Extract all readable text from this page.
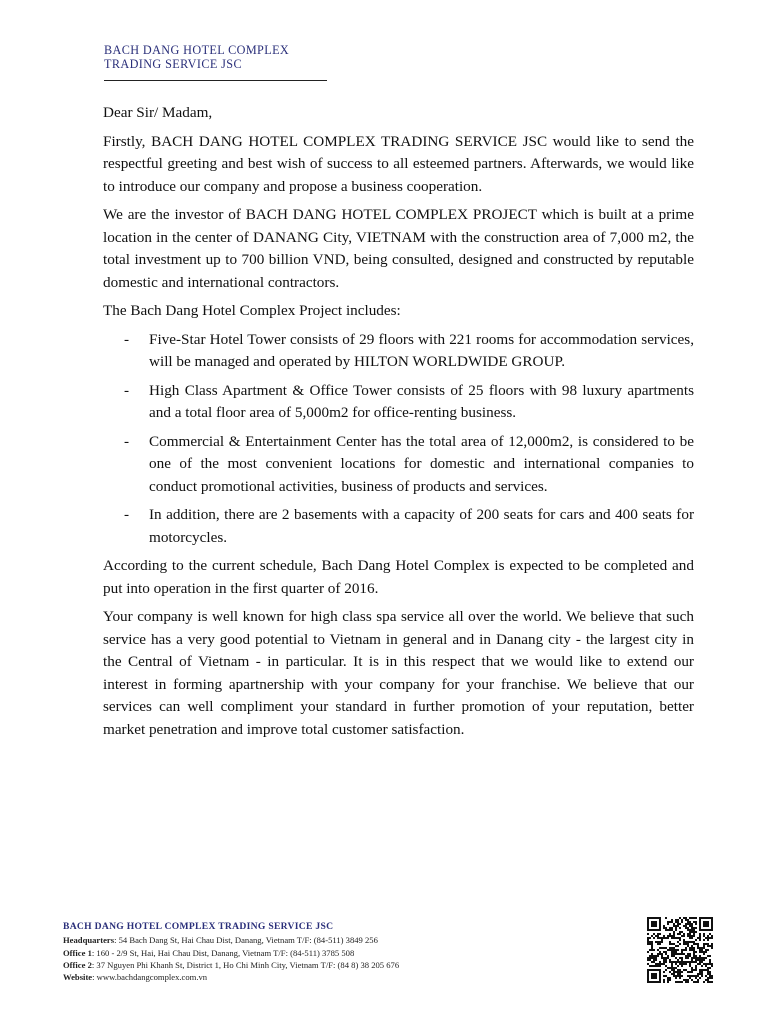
BACH DANG HOTEL COMPLEX
TRADING SERVICE JSC

Dear Sir/ Madam,

Firstly, BACH DANG HOTEL COMPLEX TRADING SERVICE JSC would like to send the respectful greeting and best wish of success to all esteemed partners. Afterwards, we would like to introduce our company and propose a business cooperation.

We are the investor of BACH DANG HOTEL COMPLEX PROJECT which is built at a prime location in the center of DANANG City, VIETNAM with the construction area of 7,000 m2, the total investment up to 700 billion VND, being consulted, designed and constructed by reputable domestic and international contractors.

The Bach Dang Hotel Complex Project includes:

- Five-Star Hotel Tower consists of 29 floors with 221 rooms for accommodation services, will be managed and operated by HILTON WORLDWIDE GROUP.
- High Class Apartment & Office Tower consists of 25 floors with 98 luxury apartments and a total floor area of 5,000m2 for office-renting business.
- Commercial & Entertainment Center has the total area of 12,000m2, is considered to be one of the most convenient locations for domestic and international companies to conduct promotional activities, business of products and services.
- In addition, there are 2 basements with a capacity of 200 seats for cars and 400 seats for motorcycles.

According to the current schedule, Bach Dang Hotel Complex is expected to be completed and put into operation in the first quarter of 2016.

Your company is well known for high class spa service all over the world. We believe that such service has a very good potential to Vietnam in general and in Danang city - the largest city in the Central of Vietnam - in particular. It is in this respect that we would like to extend our interest in forming apartnership with your company for your franchise. We believe that our services can well compliment your standard in further promotion of your reputation, better market penetration and improve total customer satisfaction.

BACH DANG HOTEL COMPLEX TRADING SERVICE JSC
Headquarters: 54 Bach Dang St, Hai Chau Dist, Danang, Vietnam T/F: (84-511) 3849 256
Office 1: 160 - 2/9 St, Hai, Hai Chau Dist, Danang, Vietnam T/F: (84-511) 3785 508
Office 2: 37 Nguyen Phi Khanh St, District 1, Ho Chi Minh City, Vietnam T/F: (84 8) 38 205 676
Website: www.bachdangcomplex.com.vn
